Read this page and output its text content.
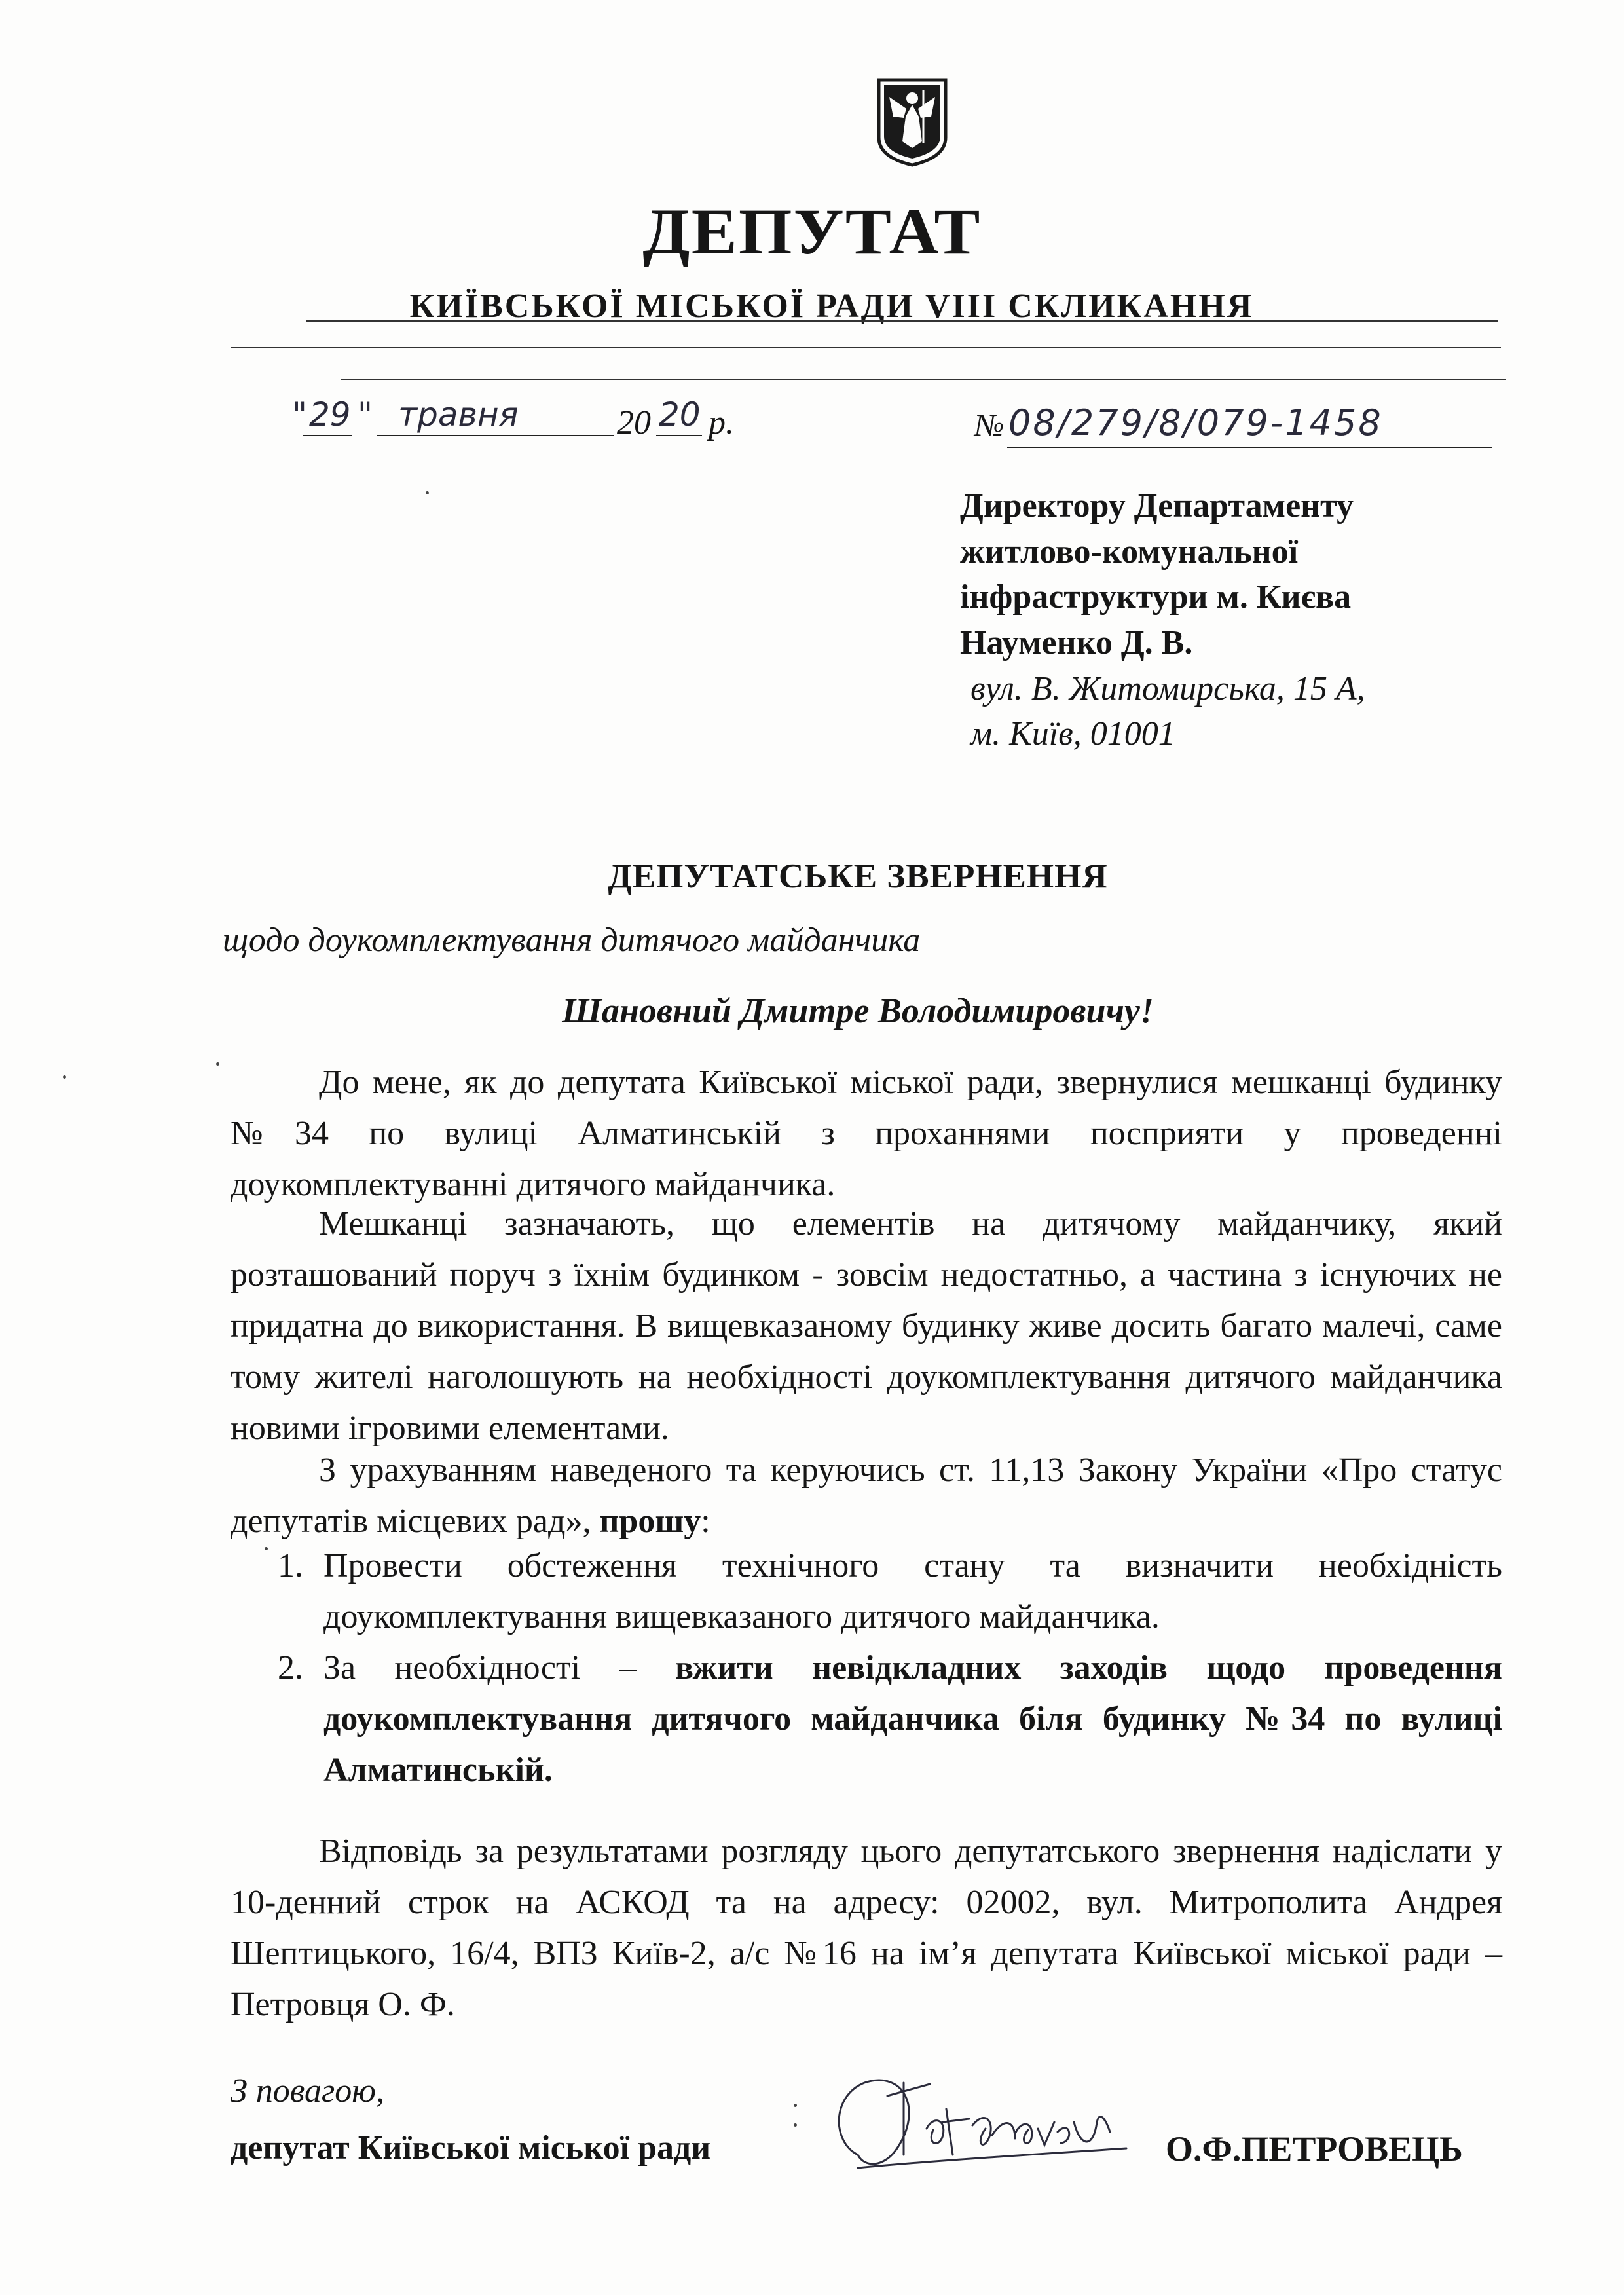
ДЕПУТАТ
КИЇВСЬКОЇ МІСЬКОЇ РАДИ VIII СКЛИКАННЯ
" 29 " травня	20 20 р.	№ 08/279/8/079-1458
Директору Департаменту
житлово-комунальної
інфраструктури м. Києва
Науменко Д. В.
вул. В. Житомирська, 15 А,
м. Київ, 01001
ДЕПУТАТСЬКЕ ЗВЕРНЕННЯ
щодо доукомплектування дитячого майданчика
Шановний Дмитре Володимировичу!
До мене, як до депутата Київської міської ради, звернулися мешканці будинку №34 по вулиці Алматинській з проханнями посприяти у проведенні доукомплектуванні дитячого майданчика.
Мешканці зазначають, що елементів на дитячому майданчику, який розташований поруч з їхнім будинком - зовсім недостатньо, а частина з існуючих не придатна до використання. В вищевказаному будинку живе досить багато малечі, саме тому жителі наголошують на необхідності доукомплектування дитячого майданчика новими ігровими елементами.
З урахуванням наведеного та керуючись ст. 11,13 Закону України «Про статус депутатів місцевих рад», прошу:
1. Провести обстеження технічного стану та визначити необхідність доукомплектування вищевказаного дитячого майданчика.
2. За необхідності – вжити невідкладних заходів щодо проведення доукомплектування дитячого майданчика біля будинку №34 по вулиці Алматинській.
Відповідь за результатами розгляду цього депутатського звернення надіслати у 10-денний строк на АСКОД та на адресу: 02002, вул. Митрополита Андрея Шептицького, 16/4, ВПЗ Київ-2, а/с №16 на ім’я депутата Київської міської ради – Петровця О. Ф.
З повагою,
депутат Київської міської ради	О.Ф.ПЕТРОВЕЦЬ
